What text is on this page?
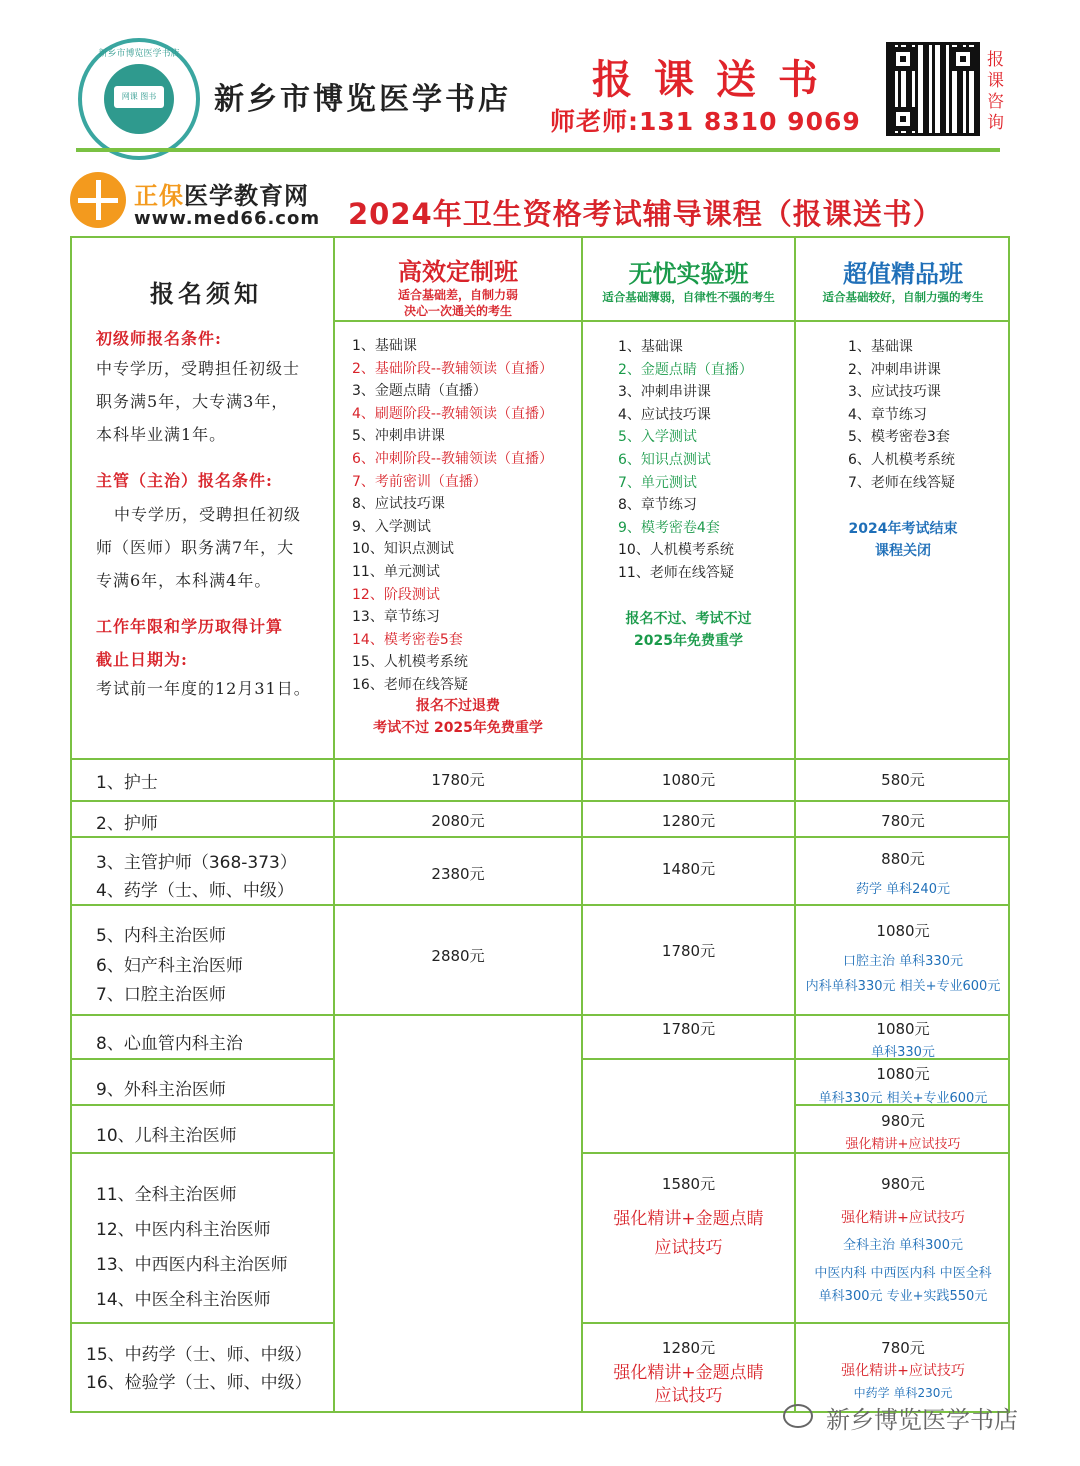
新乡市博览医学书店
网课 图书 新乡市博览医学书店 报课送书
师老师:131 8310 9069
报课咨询
正保医学教育网
www.med66.com 2024年卫生资格考试辅导课程（报课送书）
报名须知
初级师报名条件:
中专学历，受聘担任初级士
职务满5年，大专满3年，
本科毕业满1年。
主管（主治）报名条件:
中专学历，受聘担任初级
师（医师）职务满7年，大
专满6年，本科满4年。
工作年限和学历取得计算
截止日期为:
考试前一年度的12月31日。
高效定制班
适合基础差，自制力弱
决心一次通关的考生
无忧实验班
适合基础薄弱，自律性不强的考生
超值精品班
适合基础较好，自制力强的考生
1、基础课
2、基础阶段--教辅领读（直播）
3、金题点睛（直播）
4、刷题阶段--教辅领读（直播）
5、冲刺串讲课
6、冲刺阶段--教辅领读（直播）
7、考前密训（直播）
8、应试技巧课
9、入学测试
10、知识点测试
11、单元测试
12、阶段测试
13、章节练习
14、模考密卷5套
15、人机模考系统
16、老师在线答疑
报名不过退费
考试不过 2025年免费重学
1、基础课
2、金题点睛（直播）
3、冲刺串讲课
4、应试技巧课
5、入学测试
6、知识点测试
7、单元测试
8、章节练习
9、模考密卷4套
10、人机模考系统
11、老师在线答疑
报名不过、考试不过
2025年免费重学
1、基础课
2、冲刺串讲课
3、应试技巧课
4、章节练习
5、模考密卷3套
6、人机模考系统
7、老师在线答疑
2024年考试结束
课程关闭
1、护士
2、护师
3、主管护师（368-373）
4、药学（士、师、中级）
5、内科主治医师
6、妇产科主治医师
7、口腔主治医师
8、心血管内科主治
9、外科主治医师
10、儿科主治医师
11、全科主治医师
12、中医内科主治医师
13、中西医内科主治医师
14、中医全科主治医师
15、中药学（士、师、中级）
16、检验学（士、师、中级）
1780元
2080元
2380元
2880元
1080元
1280元
1480元
1780元
1780元
1580元
强化精讲+金题点睛
应试技巧
1280元
强化精讲+金题点睛
应试技巧
580元
780元
880元
药学 单科240元
1080元
口腔主治 单科330元
内科单科330元 相关+专业600元
1080元
单科330元
1080元
单科330元 相关+专业600元
980元
强化精讲+应试技巧
980元
强化精讲+应试技巧
全科主治 单科300元
中医内科 中西医内科 中医全科
单科300元 专业+实践550元
780元
强化精讲+应试技巧
中药学 单科230元
新乡博览医学书店
